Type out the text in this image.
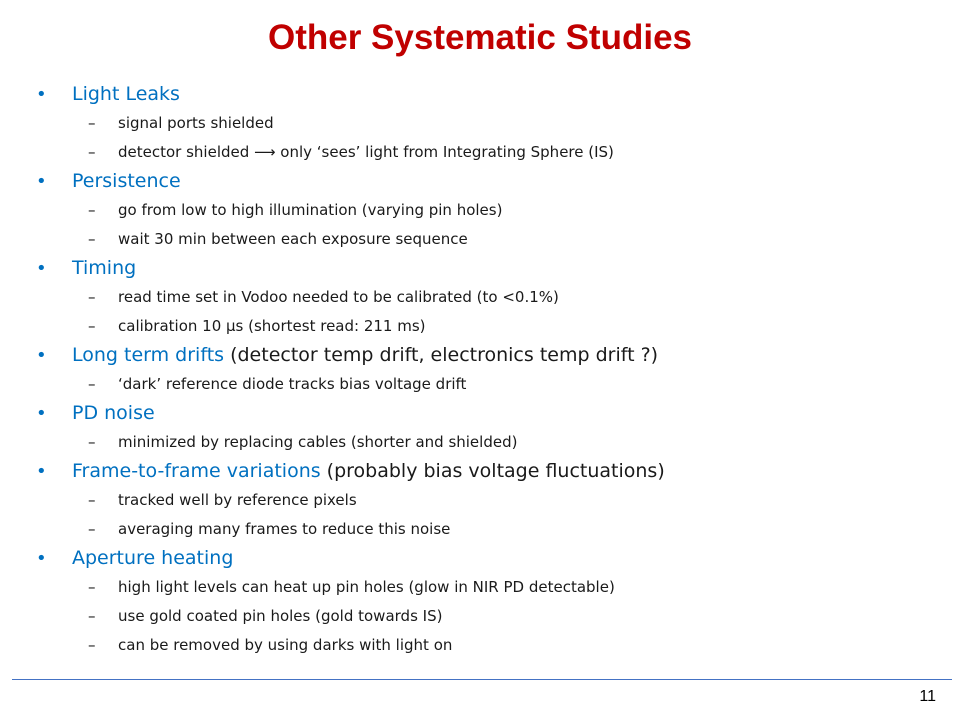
Other Systematic Studies
•	Light Leaks
– signal ports shielded
– detector shielded ⟶ only ‘sees’ light from Integrating Sphere (IS)
•	Persistence
– go from low to high illumination (varying pin holes)
– wait 30 min between each exposure sequence
•	Timing
– read time set in Vodoo needed to be calibrated (to <0.1%)
– calibration 10 μs (shortest read: 211 ms)
•	Long term drifts (detector temp drift, electronics temp drift ?)
– ‘dark’ reference diode tracks bias voltage drift
•	PD noise
– minimized by replacing cables (shorter and shielded)
•	Frame-to-frame variations (probably bias voltage fluctuations)
– tracked well by reference pixels
– averaging many frames to reduce this noise
•	Aperture heating
– high light levels can heat up pin holes (glow in NIR PD detectable)
– use gold coated pin holes (gold towards IS)
– can be removed by using darks with light on
11
